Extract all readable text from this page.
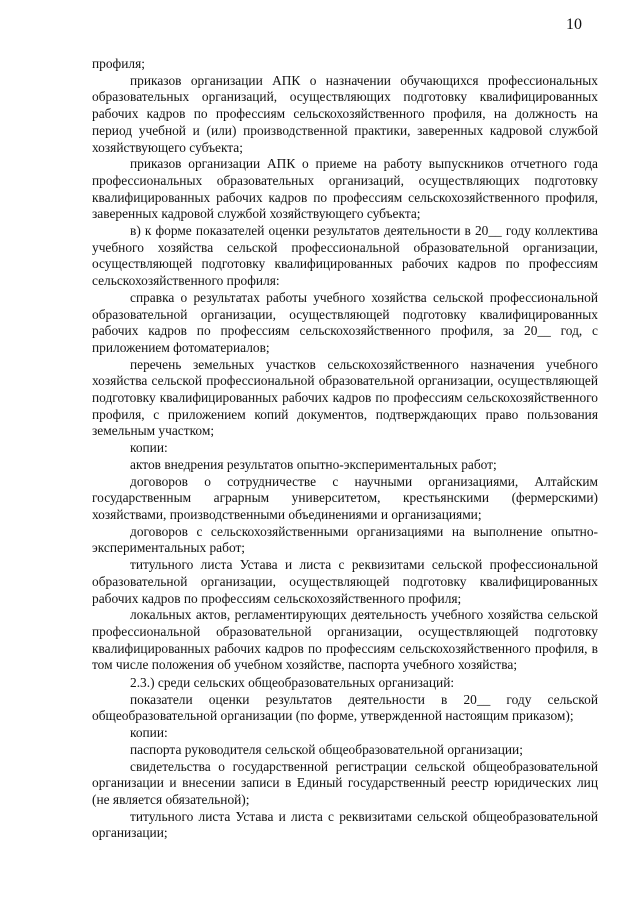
10

профиля;

приказов организации АПК о назначении обучающихся профессиональных образовательных организаций, осуществляющих подготовку квалифицированных рабочих кадров по профессиям сельскохозяйственного профиля, на должность на период учебной и (или) производственной практики, заверенных кадровой службой хозяйствующего субъекта;

приказов организации АПК о приеме на работу выпускников отчетного года профессиональных образовательных организаций, осуществляющих подготовку квалифицированных рабочих кадров по профессиям сельскохозяйственного профиля, заверенных кадровой службой хозяйствующего субъекта;

в) к форме показателей оценки результатов деятельности в 20__ году коллектива учебного хозяйства сельской профессиональной образовательной организации, осуществляющей подготовку квалифицированных рабочих кадров по профессиям сельскохозяйственного профиля:

справка о результатах работы учебного хозяйства сельской профессиональной образовательной организации, осуществляющей подготовку квалифицированных рабочих кадров по профессиям сельскохозяйственного профиля, за 20__ год, с приложением фотоматериалов;

перечень земельных участков сельскохозяйственного назначения учебного хозяйства сельской профессиональной образовательной организации, осуществляющей подготовку квалифицированных рабочих кадров по профессиям сельскохозяйственного профиля, с приложением копий документов, подтверждающих право пользования земельным участком;

копии:

актов внедрения результатов опытно-экспериментальных работ;

договоров о сотрудничестве с научными организациями, Алтайским государственным аграрным университетом, крестьянскими (фермерскими) хозяйствами, производственными объединениями и организациями;

договоров с сельскохозяйственными организациями на выполнение опытно-экспериментальных работ;

титульного листа Устава и листа с реквизитами сельской профессиональной образовательной организации, осуществляющей подготовку квалифицированных рабочих кадров по профессиям сельскохозяйственного профиля;

локальных актов, регламентирующих деятельность учебного хозяйства сельской профессиональной образовательной организации, осуществляющей подготовку квалифицированных рабочих кадров по профессиям сельскохозяйственного профиля, в том числе положения об учебном хозяйстве, паспорта учебного хозяйства;

2.3.) среди сельских общеобразовательных организаций:

показатели оценки результатов деятельности в 20__ году сельской общеобразовательной организации (по форме, утвержденной настоящим приказом);

копии:

паспорта руководителя сельской общеобразовательной организации;

свидетельства о государственной регистрации сельской общеобразовательной организации и внесении записи в Единый государственный реестр юридических лиц (не является обязательной);

титульного листа Устава и листа с реквизитами сельской общеобразовательной организации;
